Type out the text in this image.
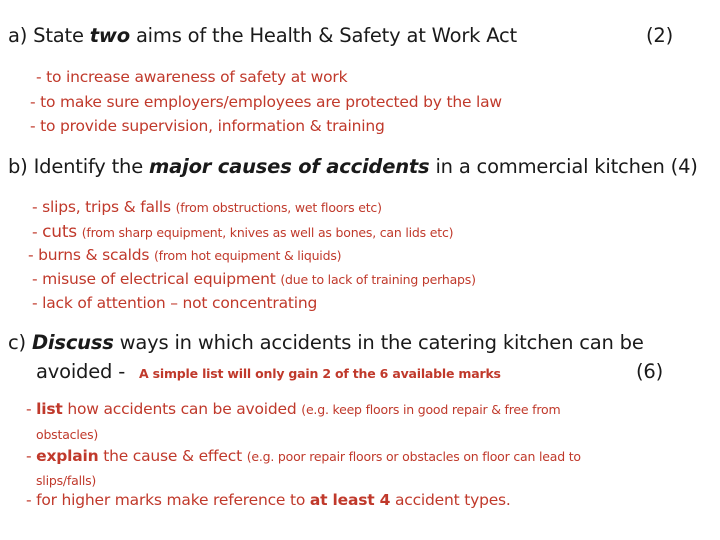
a) State two aims of the Health & Safety at Work Act	(2)
- to increase awareness of safety at work
- to make sure employers/employees are protected by the law
- to provide supervision, information & training
b) Identify the major causes of accidents in a commercial kitchen (4)
- slips, trips & falls (from obstructions, wet floors etc)
- cuts (from sharp equipment, knives as well as bones, can lids etc)
- burns & scalds (from hot equipment & liquids)
- misuse of electrical equipment (due to lack of training perhaps)
- lack of attention – not concentrating
c) Discuss ways in which accidents in the catering kitchen can be
avoided - A simple list will only gain 2 of the 6 available marks	(6)
- list how accidents can be avoided (e.g. keep floors in good repair & free from
obstacles)
- explain the cause & effect (e.g. poor repair floors or obstacles on floor can lead to
slips/falls)
- for higher marks make reference to at least 4 accident types.
